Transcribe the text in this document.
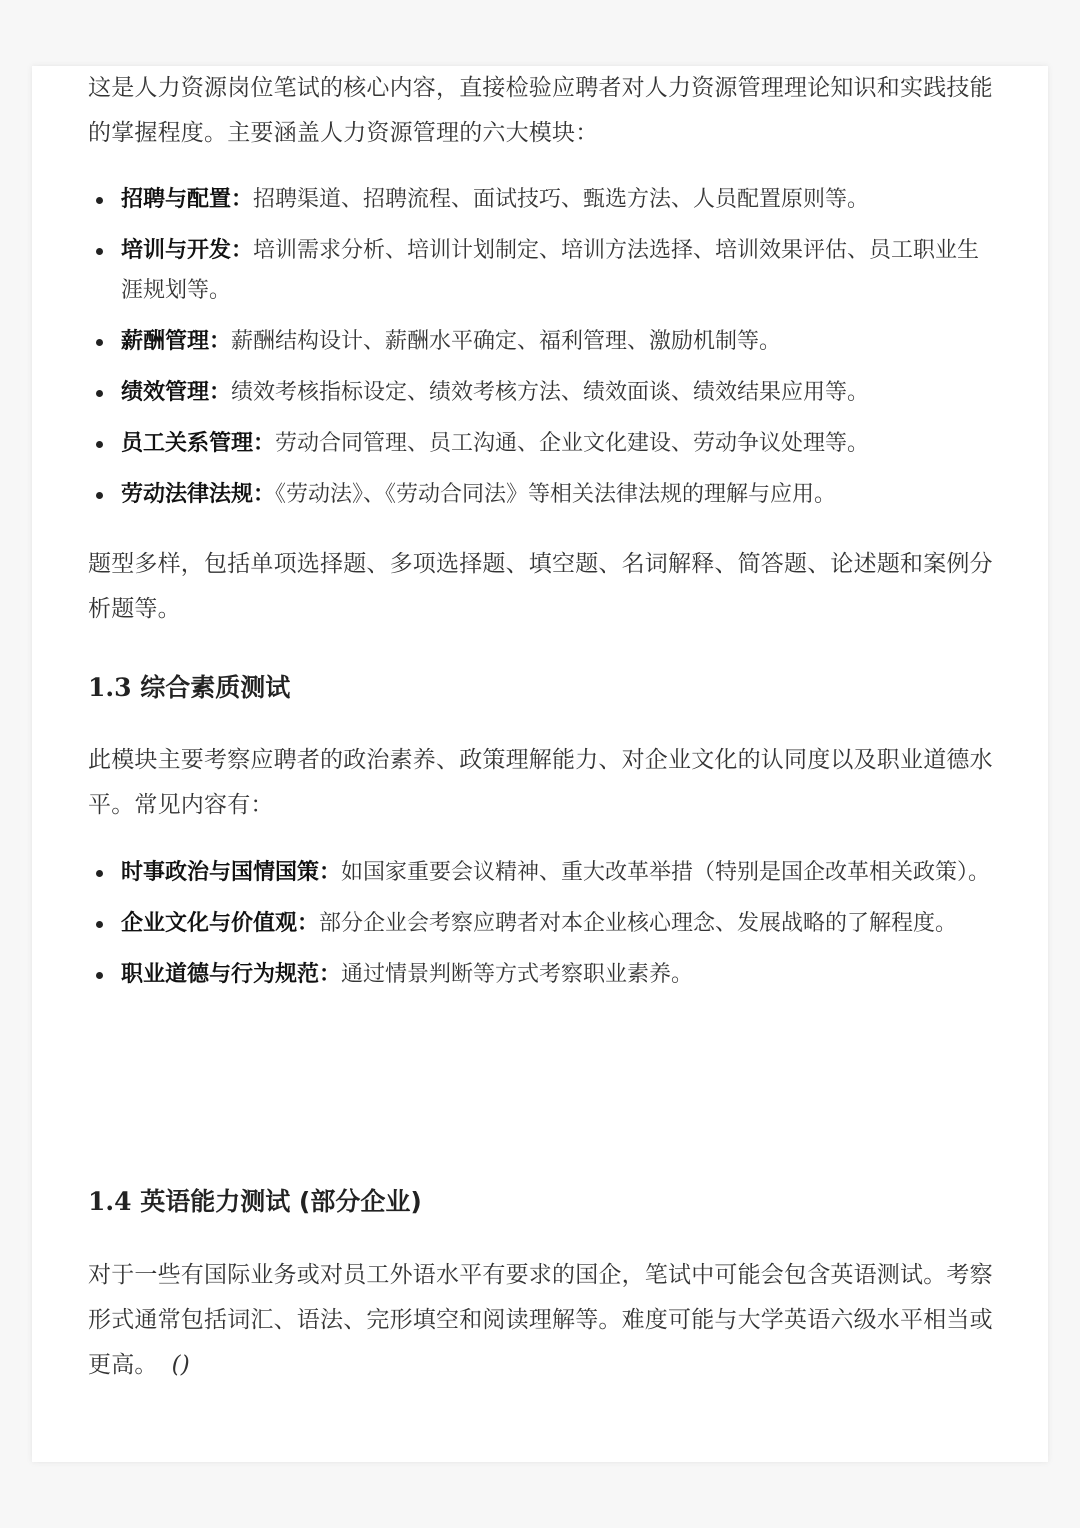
这是人力资源岗位笔试的核心内容，直接检验应聘者对人力资源管理理论知识和实践技能的掌握程度。主要涵盖人力资源管理的六大模块：

招聘与配置：招聘渠道、招聘流程、面试技巧、甄选方法、人员配置原则等。
培训与开发：培训需求分析、培训计划制定、培训方法选择、培训效果评估、员工职业生涯规划等。
薪酬管理：薪酬结构设计、薪酬水平确定、福利管理、激励机制等。
绩效管理：绩效考核指标设定、绩效考核方法、绩效面谈、绩效结果应用等。
员工关系管理：劳动合同管理、员工沟通、企业文化建设、劳动争议处理等。
劳动法律法规：《劳动法》、《劳动合同法》等相关法律法规的理解与应用。

题型多样，包括单项选择题、多项选择题、填空题、名词解释、简答题、论述题和案例分析题等。

1.3 综合素质测试

此模块主要考察应聘者的政治素养、政策理解能力、对企业文化的认同度以及职业道德水平。常见内容有：

时事政治与国情国策：如国家重要会议精神、重大改革举措（特别是国企改革相关政策）。
企业文化与价值观：部分企业会考察应聘者对本企业核心理念、发展战略的了解程度。
职业道德与行为规范：通过情景判断等方式考察职业素养。
1.4 英语能力测试 (部分企业)

对于一些有国际业务或对员工外语水平有要求的国企，笔试中可能会包含英语测试。考察形式通常包括词汇、语法、完形填空和阅读理解等。难度可能与大学英语六级水平相当或更高。 ()
